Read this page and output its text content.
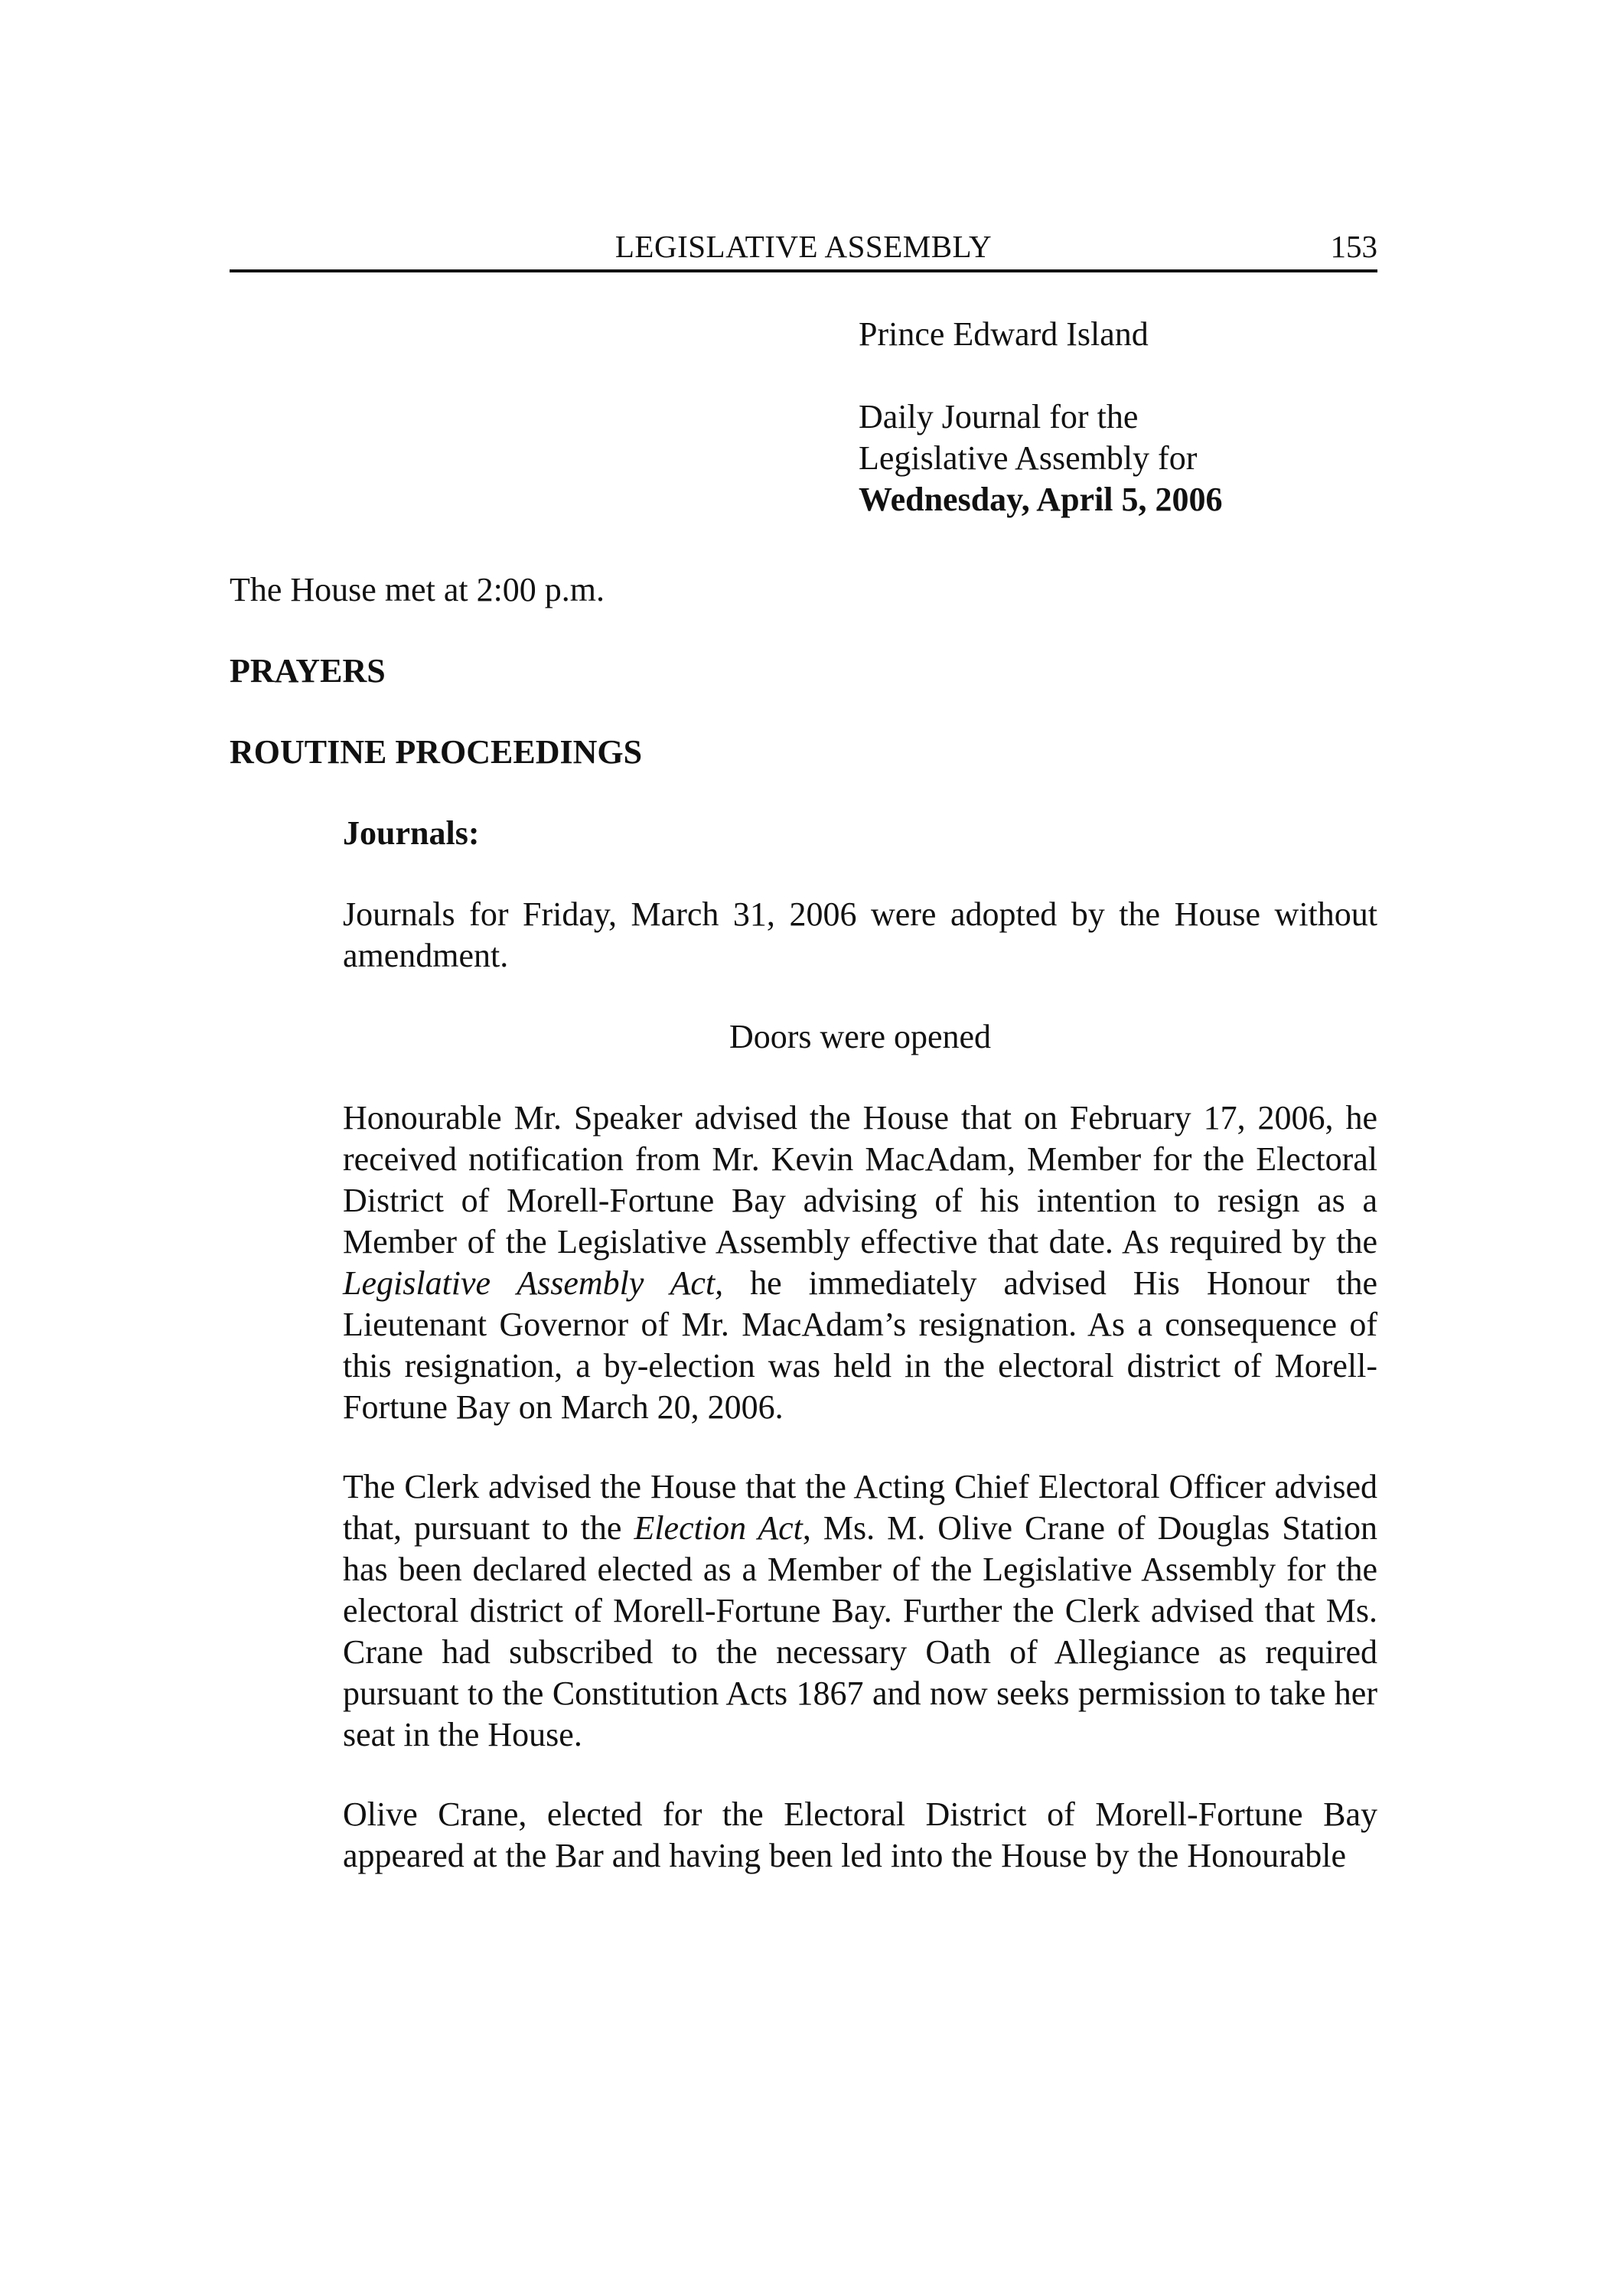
LEGISLATIVE ASSEMBLY	153
Prince Edward Island
Daily Journal for the
Legislative Assembly for
Wednesday, April 5, 2006
The House met at 2:00 p.m.
PRAYERS
ROUTINE PROCEEDINGS
Journals:

Journals for Friday, March 31, 2006 were adopted by the House without amendment.

Doors were opened

Honourable Mr. Speaker advised the House that on February 17, 2006, he received notification from Mr. Kevin MacAdam, Member for the Electoral District of Morell-Fortune Bay advising of his intention to resign as a Member of the Legislative Assembly effective that date. As required by the Legislative Assembly Act, he immediately advised His Honour the Lieutenant Governor of Mr. MacAdam’s resignation. As a consequence of this resignation, a by-election was held in the electoral district of Morell-Fortune Bay on March 20, 2006.

The Clerk advised the House that the Acting Chief Electoral Officer advised that, pursuant to the Election Act, Ms. M. Olive Crane of Douglas Station has been declared elected as a Member of the Legislative Assembly for the electoral district of Morell-Fortune Bay. Further the Clerk advised that Ms. Crane had subscribed to the necessary Oath of Allegiance as required pursuant to the Constitution Acts 1867 and now seeks permission to take her seat in the House.

Olive Crane, elected for the Electoral District of Morell-Fortune Bay appeared at the Bar and having been led into the House by the Honourable
